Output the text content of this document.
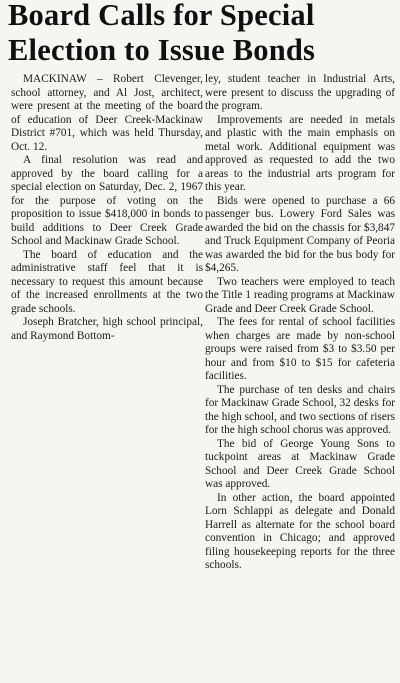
Board Calls for Special
Election to Issue Bonds

MACKINAW – Robert Clevenger, school attorney, and Al Jost, architect, were present at the meeting of the board of education of Deer Creek-Mackinaw District #701, which was held Thursday, Oct. 12.

A final resolution was read and approved by the board calling for a special election on Saturday, Dec. 2, 1967 for the purpose of voting on the proposition to issue $418,000 in bonds to build additions to Deer Creek Grade School and Mackinaw Grade School.

The board of education and the administrative staff feel that it is necessary to request this amount because of the increased enrollments at the two grade schools.

Joseph Bratcher, high school principal, and Raymond Bottom-

ley, student teacher in Industrial Arts, were present to discuss the upgrading of the program.

Improvements are needed in metals and plastic with the main emphasis on metal work. Additional equipment was approved as requested to add the two areas to the industrial arts program for this year.

Bids were opened to purchase a 66 passenger bus. Lowery Ford Sales was awarded the bid on the chassis for $3,847 and Truck Equipment Company of Peoria was awarded the bid for the bus body for $4,265.

Two teachers were employed to teach the Title 1 reading programs at Mackinaw Grade and Deer Creek Grade School.

The fees for rental of school facilities when charges are made by non-school groups were raised from $3 to $3.50 per hour and from $10 to $15 for cafeteria facilities.

The purchase of ten desks and chairs for Mackinaw Grade School, 32 desks for the high school, and two sections of risers for the high school chorus was approved.

The bid of George Young Sons to tuckpoint areas at Mackinaw Grade School and Deer Creek Grade School was approved.

In other action, the board appointed Lorn Schlappi as delegate and Donald Harrell as alternate for the school board convention in Chicago; and approved filing housekeeping reports for the three schools.
